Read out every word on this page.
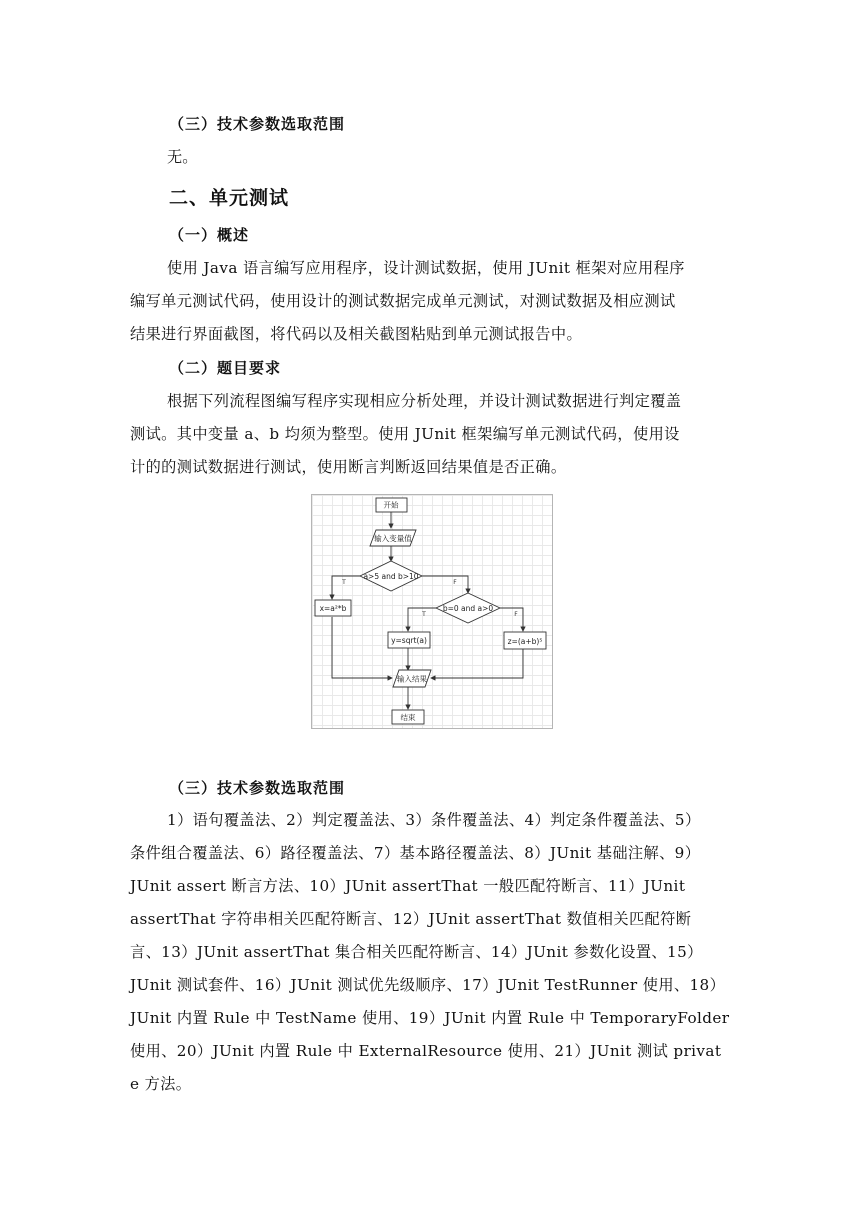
（三）技术参数选取范围
无。
二、单元测试
（一）概述
使用 Java 语言编写应用程序，设计测试数据，使用 JUnit 框架对应用程序
编写单元测试代码，使用设计的测试数据完成单元测试，对测试数据及相应测试
结果进行界面截图，将代码以及相关截图粘贴到单元测试报告中。
（二）题目要求
根据下列流程图编写程序实现相应分析处理，并设计测试数据进行判定覆盖
测试。其中变量 a、b 均须为整型。使用 JUnit 框架编写单元测试代码，使用设
计的的测试数据进行测试，使用断言判断返回结果值是否正确。
开始
输入变量值
a>5 and b>10
T	F
x=a²*b	b=0 and a>0
T	F
y=sqrt(a)	z=(a+b)⁵
输入结果
结束
（三）技术参数选取范围
1）语句覆盖法、2）判定覆盖法、3）条件覆盖法、4）判定条件覆盖法、5）
条件组合覆盖法、6）路径覆盖法、7）基本路径覆盖法、8）JUnit 基础注解、9）
JUnit assert 断言方法、10）JUnit assertThat 一般匹配符断言、11）JUnit
assertThat 字符串相关匹配符断言、12）JUnit assertThat 数值相关匹配符断
言、13）JUnit assertThat 集合相关匹配符断言、14）JUnit 参数化设置、15）
JUnit 测试套件、16）JUnit 测试优先级顺序、17）JUnit TestRunner 使用、18）
JUnit 内置 Rule 中 TestName 使用、19）JUnit 内置 Rule 中 TemporaryFolder
使用、20）JUnit 内置 Rule 中 ExternalResource 使用、21）JUnit 测试 privat
e 方法。
